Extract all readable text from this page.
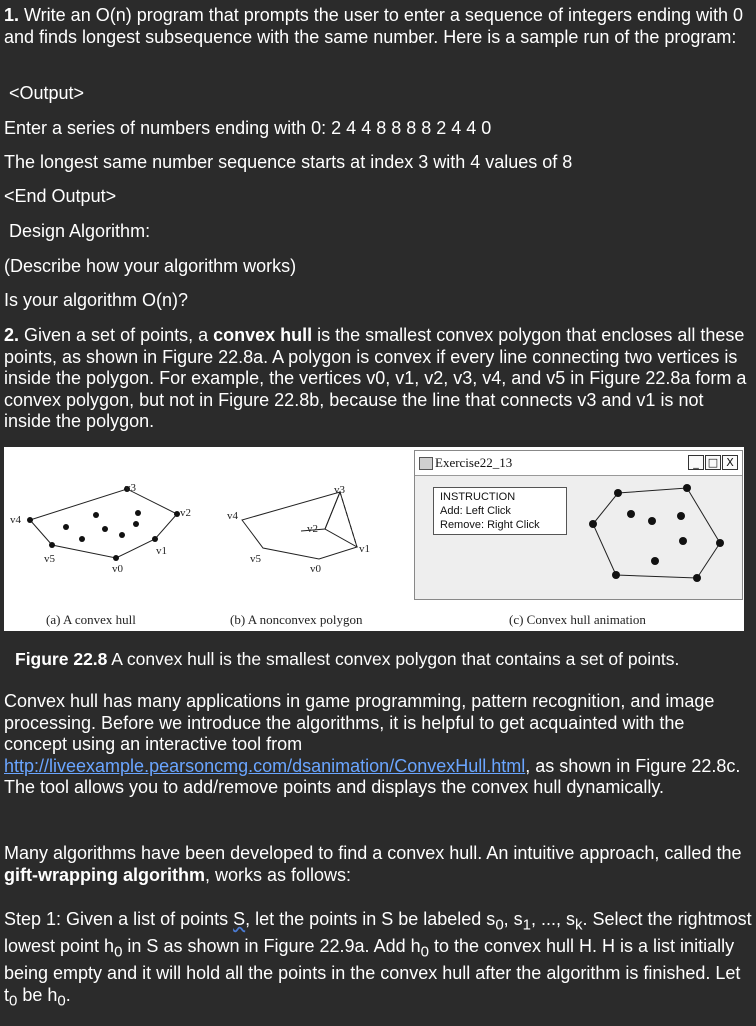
1. Write an O(n) program that prompts the user to enter a sequence of integers ending with 0 and finds longest subsequence with the same number. Here is a sample run of the program:

<Output>

Enter a series of numbers ending with 0: 2 4 4 8 8 8 8 2 4 4 0

The longest same number sequence starts at index 3 with 4 values of 8

<End Output>

Design Algorithm:

(Describe how your algorithm works)

Is your algorithm O(n)?

2. Given a set of points, a convex hull is the smallest convex polygon that encloses all these points, as shown in Figure 22.8a. A polygon is convex if every line connecting two vertices is inside the polygon. For example, the vertices v0, v1, v2, v3, v4, and v5 in Figure 22.8a form a convex polygon, but not in Figure 22.8b, because the line that connects v3 and v1 is not inside the polygon.

v4
v5
v0
v1
v2
v3
v4
v5
v0
v1
v2
v3
(a) A convex hull	(b) A nonconvex polygon	(c) Convex hull animation
Exercise22_13	_ □ X
INSTRUCTION
Add: Left Click
Remove: Right Click

Figure 22.8 A convex hull is the smallest convex polygon that contains a set of points.

Convex hull has many applications in game programming, pattern recognition, and image processing. Before we introduce the algorithms, it is helpful to get acquainted with the concept using an interactive tool from http://liveexample.pearsoncmg.com/dsanimation/ConvexHull.html, as shown in Figure 22.8c. The tool allows you to add/remove points and displays the convex hull dynamically.

Many algorithms have been developed to find a convex hull. An intuitive approach, called the gift-wrapping algorithm, works as follows:

Step 1: Given a list of points S, let the points in S be labeled $s_0$, $s_1$, ..., $s_k$. Select the rightmost lowest point $h_0$ in S as shown in Figure 22.9a. Add $h_0$ to the convex hull H. H is a list initially being empty and it will hold all the points in the convex hull after the algorithm is finished. Let $t_0$ be $h_0$.
